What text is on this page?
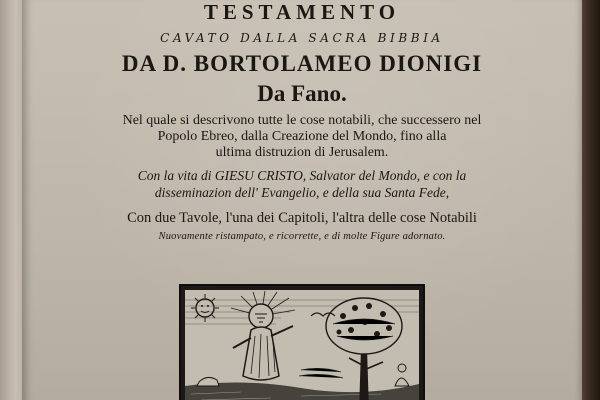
TESTAMENTO
CAVATO DALLA SACRA BIBBIA
DA D. BORTOLAMEO DIONIGI
Da Fano.
Nel quale si descrivono tutte le cose notabili, che successero nel
Popolo Ebreo, dalla Creazione del Mondo, fino alla
ultima distruzion di Jerusalem.
Con la vita di GIESU CRISTO, Salvator del Mondo, e con la
disseminazion dell' Evangelio, e della sua Santa Fede,
Con due Tavole, l'una dei Capitoli, l'altra delle cose Notabili
Nuovamente ristampato, e ricorrette, e di molte Figure adornato.
